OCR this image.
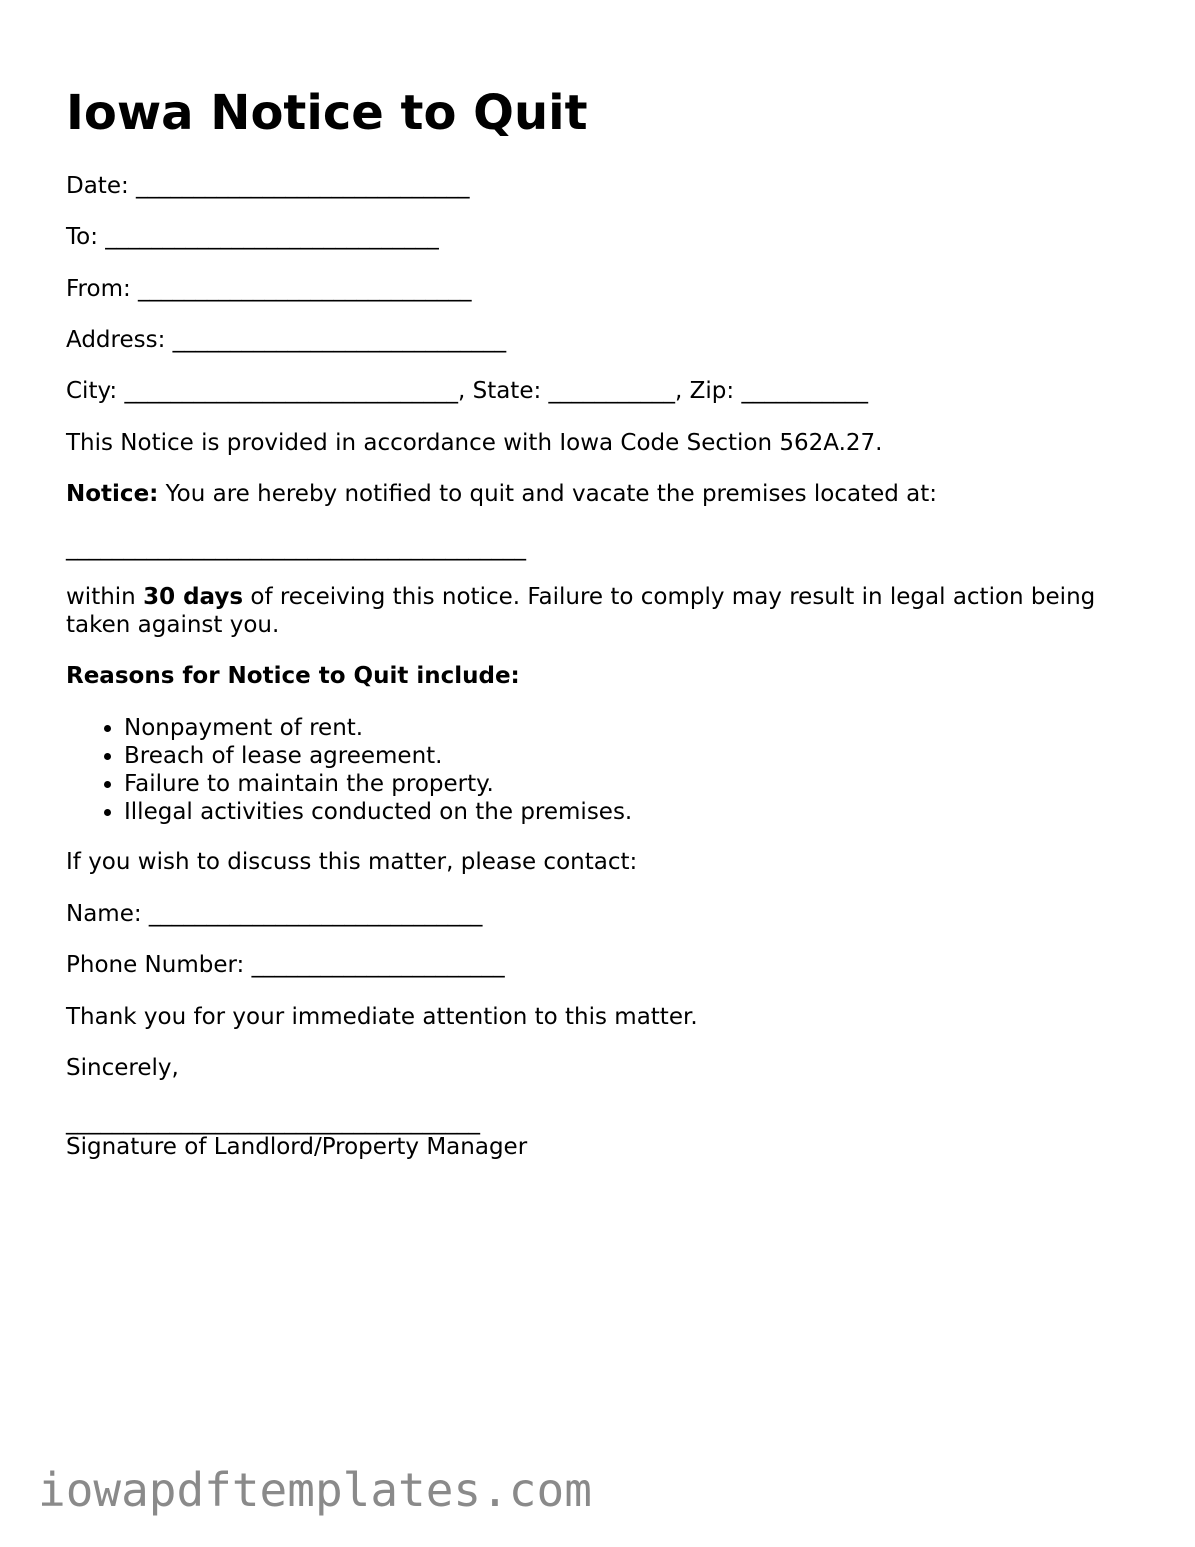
Iowa Notice to Quit

Date: _____________________________

To: _____________________________

From: _____________________________

Address: _____________________________

City: _____________________________, State: ___________, Zip: ___________

This Notice is provided in accordance with Iowa Code Section 562A.27.

Notice: You are hereby notified to quit and vacate the premises located at:

________________________________________

within 30 days of receiving this notice. Failure to comply may result in legal action being taken against you.

Reasons for Notice to Quit include:

• Nonpayment of rent.
• Breach of lease agreement.
• Failure to maintain the property.
• Illegal activities conducted on the premises.

If you wish to discuss this matter, please contact:

Name: _____________________________

Phone Number: ______________________

Thank you for your immediate attention to this matter.

Sincerely,

____________________________________

Signature of Landlord/Property Manager

iowapdftemplates.com
